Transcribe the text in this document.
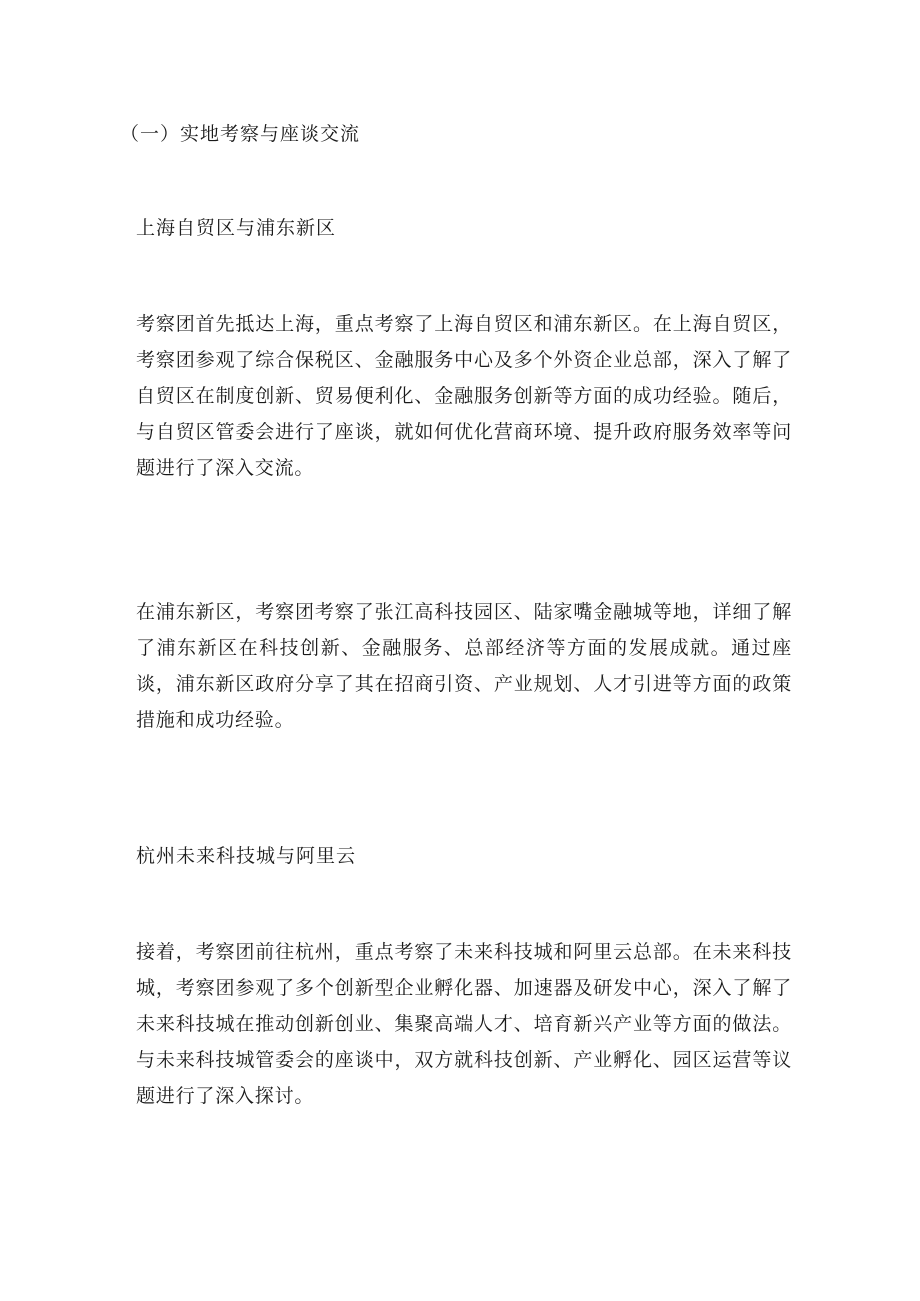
（一）实地考察与座谈交流

上海自贸区与浦东新区

考察团首先抵达上海，重点考察了上海自贸区和浦东新区。在上海自贸区，考察团参观了综合保税区、金融服务中心及多个外资企业总部，深入了解了自贸区在制度创新、贸易便利化、金融服务创新等方面的成功经验。随后，与自贸区管委会进行了座谈，就如何优化营商环境、提升政府服务效率等问题进行了深入交流。

在浦东新区，考察团考察了张江高科技园区、陆家嘴金融城等地，详细了解了浦东新区在科技创新、金融服务、总部经济等方面的发展成就。通过座谈，浦东新区政府分享了其在招商引资、产业规划、人才引进等方面的政策措施和成功经验。

杭州未来科技城与阿里云

接着，考察团前往杭州，重点考察了未来科技城和阿里云总部。在未来科技城，考察团参观了多个创新型企业孵化器、加速器及研发中心，深入了解了未来科技城在推动创新创业、集聚高端人才、培育新兴产业等方面的做法。与未来科技城管委会的座谈中，双方就科技创新、产业孵化、园区运营等议题进行了深入探讨。
